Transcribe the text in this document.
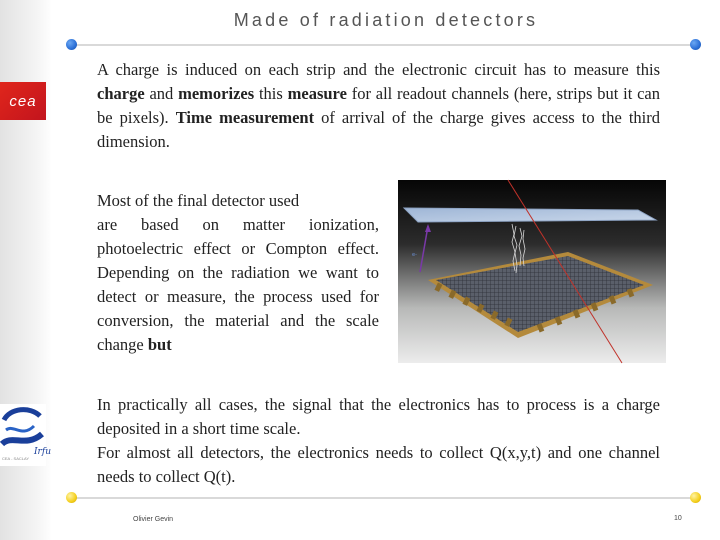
cea
Irfu
CEA - SACLAY
Made of radiation detectors

A charge is induced on each strip and the electronic circuit has to measure this charge and memorizes this measure for all readout channels (here, strips but it can be pixels). Time measurement of arrival of the charge gives access to the third dimension.

Most of the final detector used
are based on matter ionization, photoelectric effect or Compton effect. Depending on the radiation we want to detect or measure, the process used for conversion, the material and the scale change but

e-

In practically all cases, the signal that the electronics has to process is a charge deposited in a short time scale.
For almost all detectors, the electronics needs to collect Q(x,y,t) and one channel needs to collect Q(t).

Olivier Gevin	10
